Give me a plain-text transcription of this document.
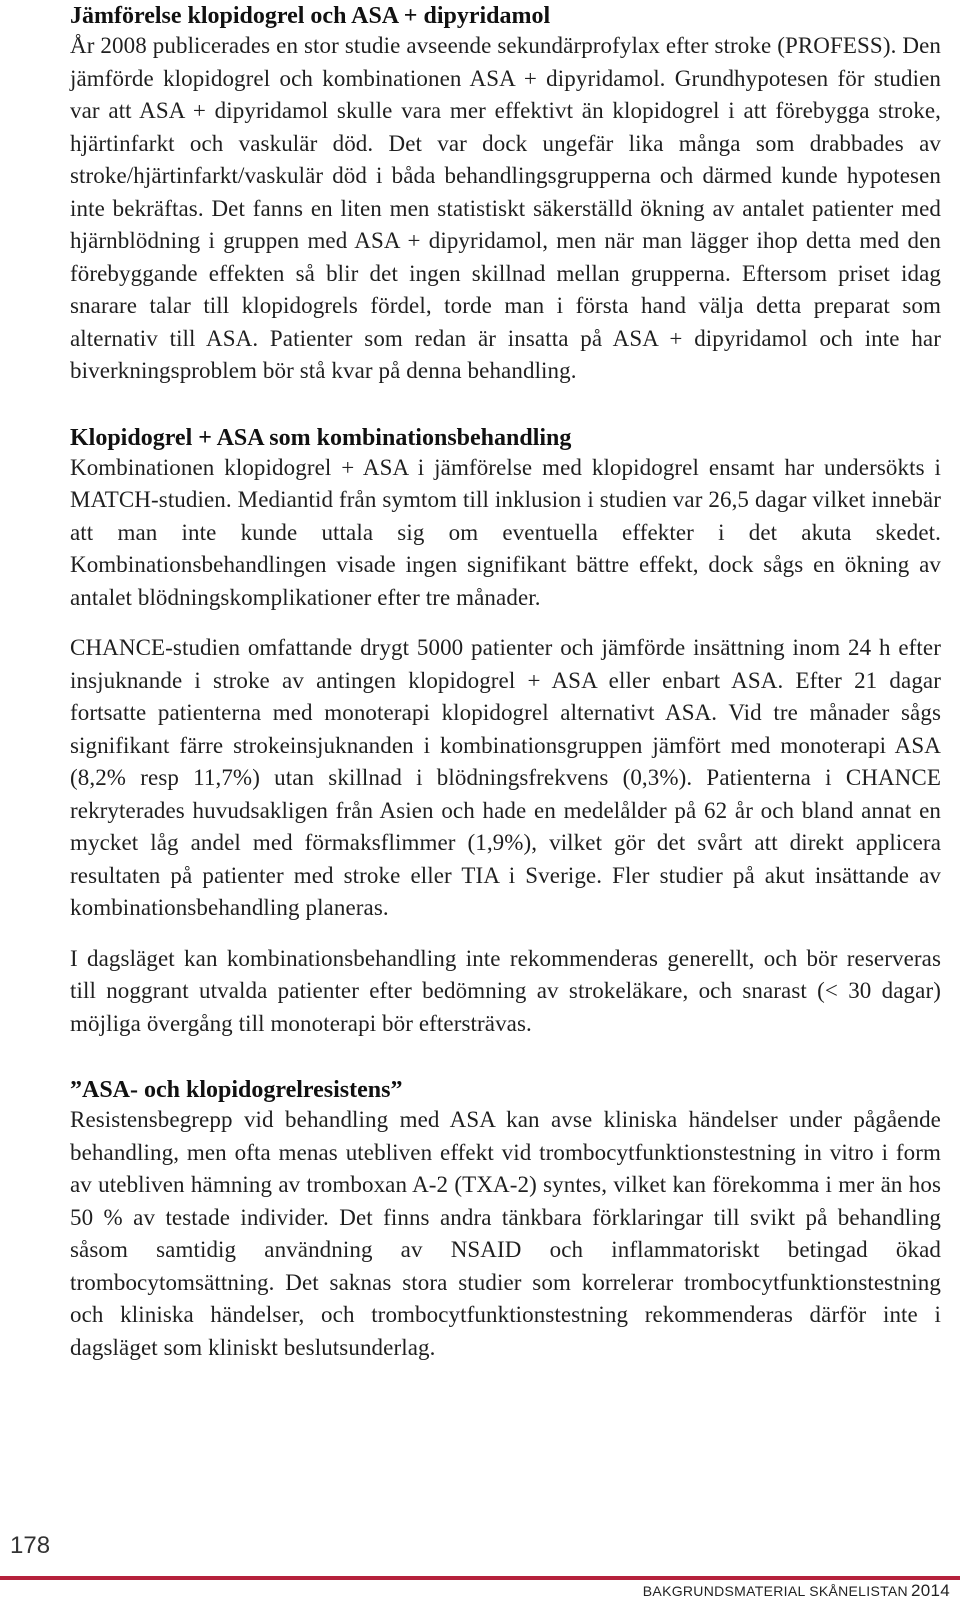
Jämförelse klopidogrel och ASA + dipyridamol

År 2008 publicerades en stor studie avseende sekundärprofylax efter stroke (PROFESS). Den jämförde klopidogrel och kombinationen ASA + dipyridamol. Grundhypotesen för studien var att ASA + dipyridamol skulle vara mer effektivt än klopidogrel i att förebygga stroke, hjärtinfarkt och vaskulär död. Det var dock ungefär lika många som drabbades av stroke/hjärtinfarkt/vaskulär död i båda behandlingsgrupperna och därmed kunde hypotesen inte bekräftas. Det fanns en liten men statistiskt säkerställd ökning av antalet patienter med hjärnblödning i gruppen med ASA + dipyridamol, men när man lägger ihop detta med den förebyggande effekten så blir det ingen skillnad mellan grupperna. Eftersom priset idag snarare talar till klopidogrels fördel, torde man i första hand välja detta preparat som alternativ till ASA. Patienter som redan är insatta på ASA + dipyridamol och inte har biverkningsproblem bör stå kvar på denna behandling.

Klopidogrel + ASA som kombinationsbehandling

Kombinationen klopidogrel + ASA i jämförelse med klopidogrel ensamt har undersökts i MATCH-studien. Mediantid från symtom till inklusion i studien var 26,5 dagar vilket innebär att man inte kunde uttala sig om eventuella effekter i det akuta skedet. Kombinationsbehandlingen visade ingen signifikant bättre effekt, dock sågs en ökning av antalet blödningskomplikationer efter tre månader.

CHANCE-studien omfattande drygt 5000 patienter och jämförde insättning inom 24 h efter insjuknande i stroke av antingen klopidogrel + ASA eller enbart ASA. Efter 21 dagar fortsatte patienterna med monoterapi klopidogrel alternativt ASA. Vid tre månader sågs signifikant färre strokeinsjuknanden i kombinationsgruppen jämfört med monoterapi ASA (8,2% resp 11,7%) utan skillnad i blödningsfrekvens (0,3%). Patienterna i CHANCE rekryterades huvudsakligen från Asien och hade en medelålder på 62 år och bland annat en mycket låg andel med förmaksflimmer (1,9%), vilket gör det svårt att direkt applicera resultaten på patienter med stroke eller TIA i Sverige. Fler studier på akut insättande av kombinationsbehandling planeras.

I dagsläget kan kombinationsbehandling inte rekommenderas generellt, och bör reserveras till noggrant utvalda patienter efter bedömning av strokeläkare, och snarast (< 30 dagar) möjliga övergång till monoterapi bör eftersträvas.

”ASA- och klopidogrelresistens”

Resistensbegrepp vid behandling med ASA kan avse kliniska händelser under pågående behandling, men ofta menas utebliven effekt vid trombocytfunktionstestning in vitro i form av utebliven hämning av tromboxan A-2 (TXA-2) syntes, vilket kan förekomma i mer än hos 50 % av testade individer. Det finns andra tänkbara förklaringar till svikt på behandling såsom samtidig användning av NSAID och inflammatoriskt betingad ökad trombocytomsättning. Det saknas stora studier som korrelerar trombocytfunktionstestning och kliniska händelser, och trombocytfunktionstestning rekommenderas därför inte i dagsläget som kliniskt beslutsunderlag.

178
BAKGRUNDSMATERIAL SKÅNELISTAN 2014
